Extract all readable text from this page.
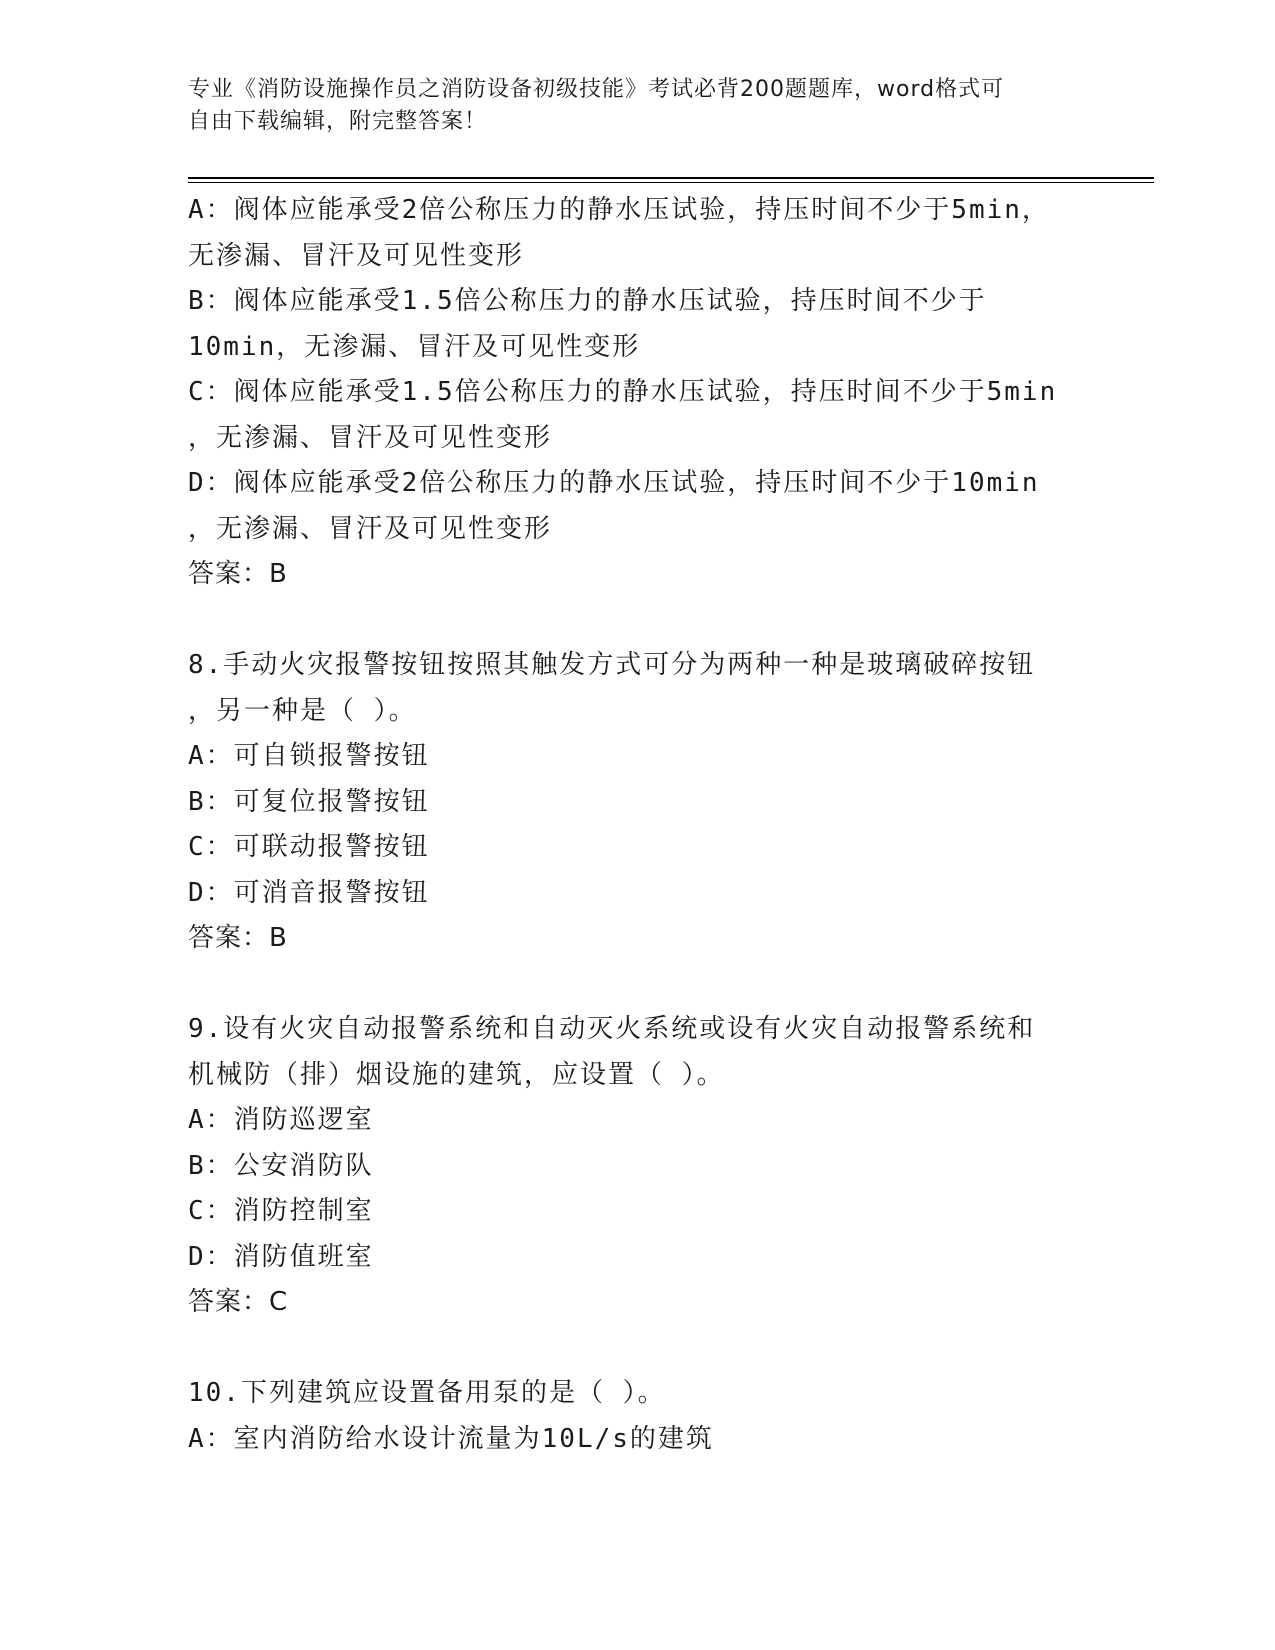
专业《消防设施操作员之消防设备初级技能》考试必背200题题库，word格式可
自由下载编辑，附完整答案！
A：阀体应能承受2倍公称压力的静水压试验，持压时间不少于5min，
无渗漏、冒汗及可见性变形
B：阀体应能承受1.5倍公称压力的静水压试验，持压时间不少于
10min，无渗漏、冒汗及可见性变形
C：阀体应能承受1.5倍公称压力的静水压试验，持压时间不少于5min
，无渗漏、冒汗及可见性变形
D：阀体应能承受2倍公称压力的静水压试验，持压时间不少于10min
，无渗漏、冒汗及可见性变形
答案：B
8.手动火灾报警按钮按照其触发方式可分为两种一种是玻璃破碎按钮
，另一种是（ ）。
A：可自锁报警按钮
B：可复位报警按钮
C：可联动报警按钮
D：可消音报警按钮
答案：B
9.设有火灾自动报警系统和自动灭火系统或设有火灾自动报警系统和
机械防（排）烟设施的建筑，应设置（ ）。
A：消防巡逻室
B：公安消防队
C：消防控制室
D：消防值班室
答案：C
10.下列建筑应设置备用泵的是（ ）。
A：室内消防给水设计流量为10L/s的建筑
